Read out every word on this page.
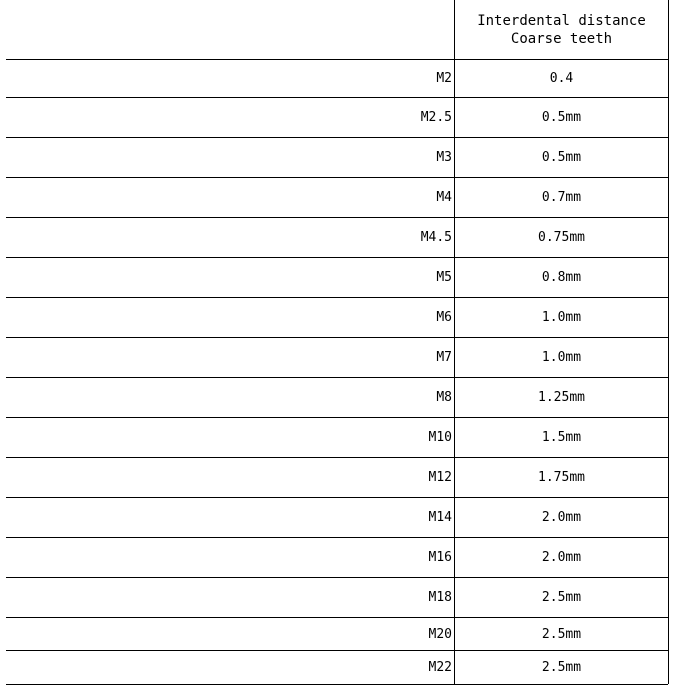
Interdental distance
Coarse teeth
M2	0.4
M2.5	0.5mm
M3	0.5mm
M4	0.7mm
M4.5	0.75mm
M5	0.8mm
M6	1.0mm
M7	1.0mm
M8	1.25mm
M10	1.5mm
M12	1.75mm
M14	2.0mm
M16	2.0mm
M18	2.5mm
M20	2.5mm
M22	2.5mm
